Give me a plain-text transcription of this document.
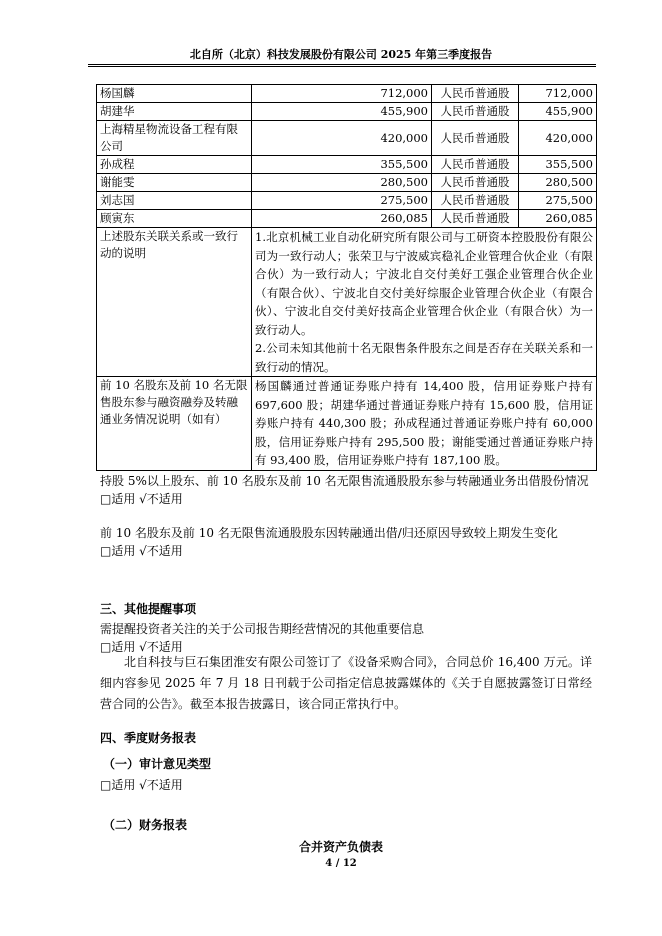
北自所（北京）科技发展股份有限公司 2025 年第三季度报告
杨国麟	712,000	人民币普通股	712,000
胡建华	455,900	人民币普通股	455,900
上海精星物流设备工程有限公司	420,000	人民币普通股	420,000
孙成程	355,500	人民币普通股	355,500
谢能雯	280,500	人民币普通股	280,500
刘志国	275,500	人民币普通股	275,500
顾寅东	260,085	人民币普通股	260,085
上述股东关联关系或一致行动的说明	1.北京机械工业自动化研究所有限公司与工研资本控股股份有限公司为一致行动人；张荣卫与宁波威宾稳礼企业管理合伙企业（有限合伙）为一致行动人；宁波北自交付美好工强企业管理合伙企业（有限合伙）、宁波北自交付美好综服企业管理合伙企业（有限合伙）、宁波北自交付美好技高企业管理合伙企业（有限合伙）为一致行动人。
2.公司未知其他前十名无限售条件股东之间是否存在关联关系和一致行动的情况。		

前 10 名股东及前 10 名无限售股东参与融资融券及转融通业务情况说明（如有）	杨国麟通过普通证券账户持有 14,400 股，信用证券账户持有 697,600 股；胡建华通过普通证券账户持有 15,600 股，信用证券账户持有 440,300 股；孙成程通过普通证券账户持有 60,000 股，信用证券账户持有 295,500 股；谢能雯通过普通证券账户持有 93,400 股，信用证券账户持有 187,100 股。		
持股 5%以上股东、前 10 名股东及前 10 名无限售流通股股东参与转融通业务出借股份情况
□适用 √不适用
前 10 名股东及前 10 名无限售流通股股东因转融通出借/归还原因导致较上期发生变化
□适用 √不适用
三、其他提醒事项
需提醒投资者关注的关于公司报告期经营情况的其他重要信息
□适用 √不适用
北自科技与巨石集团淮安有限公司签订了《设备采购合同》，合同总价 16,400 万元。详细内容参见 2025 年 7 月 18 日刊载于公司指定信息披露媒体的《关于自愿披露签订日常经营合同的公告》。截至本报告披露日，该合同正常执行中。
四、季度财务报表
（一）审计意见类型
□适用 √不适用
（二）财务报表
合并资产负债表
4 / 12
